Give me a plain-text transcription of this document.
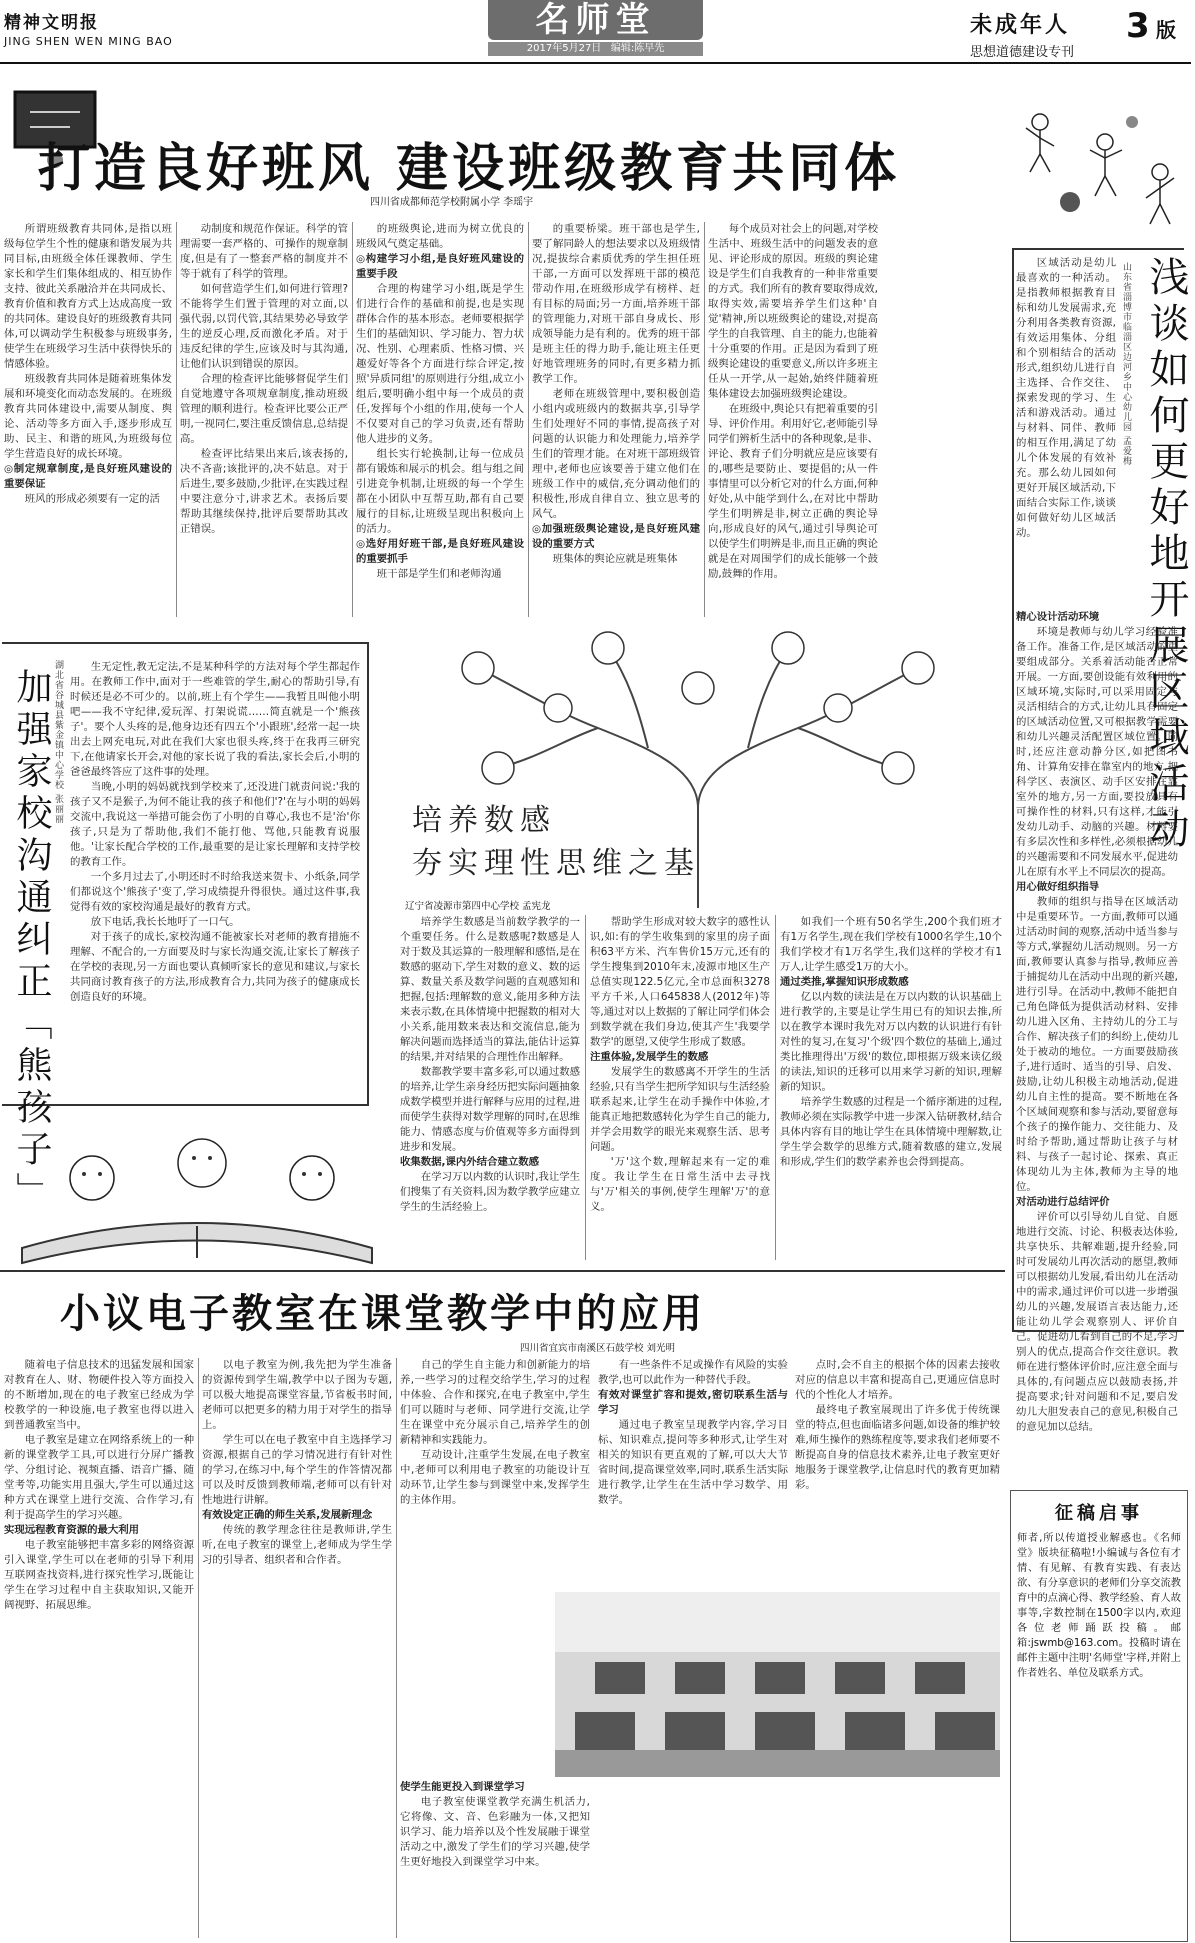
精神文明报
JING SHEN WEN MING BAO
名师堂
2017年5月27日 编辑:陈早先
未成年人
思想道德建设专刊
3 版
打造良好班风 建设班级教育共同体
四川省成都师范学校附属小学 李瑶宇

所谓班级教育共同体,是指以班级每位学生个性的健康和谐发展为共同目标,由班级全体任课教师、学生家长和学生们集体组成的、相互协作支持、彼此关系融洽并在共同成长、教育价值和教育方式上达成高度一致的共同体。建设良好的班级教育共同体,可以调动学生积极参与班级事务,使学生在班级学习生活中获得快乐的情感体验。

班级教育共同体是随着班集体发展和环境变化而动态发展的。在班级教育共同体建设中,需要从制度、舆论、活动等多方面入手,逐步形成互助、民主、和谐的班风,为班级每位学生营造良好的成长环境。

◎制定规章制度,是良好班风建设的重要保证

班风的形成必须要有一定的活

动制度和规范作保证。科学的管理需要一套严格的、可操作的规章制度,但是有了一整套严格的制度并不等于就有了科学的管理。

如何营造学生们,如何进行管理?不能将学生们置于管理的对立面,以强代弱,以罚代管,其结果势必导致学生的逆反心理,反而激化矛盾。对于违反纪律的学生,应该及时与其沟通,让他们认识到错误的原因。

合理的检查评比能够督促学生们自觉地遵守各项规章制度,推动班级管理的顺利进行。检查评比要公正严明,一视同仁,要注重反馈信息,总结提高。

检查评比结果出来后,该表扬的,决不吝啬;该批评的,决不姑息。对于后进生,要多鼓励,少批评,在实践过程中要注意分寸,讲求艺术。表扬后要帮助其继续保持,批评后要帮助其改正错误。

的班级舆论,进而为树立优良的班级风气奠定基础。

◎构建学习小组,是良好班风建设的重要手段

合理的构建学习小组,既是学生们进行合作的基础和前提,也是实现群体合作的基本形态。老师要根据学生们的基础知识、学习能力、智力状况、性别、心理素质、性格习惯、兴趣爱好等各个方面进行综合评定,按照'异质同组'的原则进行分组,成立小组后,要明确小组中每一个成员的责任,发挥每个小组的作用,使每一个人不仅要对自己的学习负责,还有帮助他人进步的义务。

组长实行轮换制,让每一位成员都有锻炼和展示的机会。组与组之间引进竞争机制,让班级的每一个学生都在小团队中互帮互助,都有自己要履行的目标,让班级呈现出积极向上的活力。

◎选好用好班干部,是良好班风建设的重要抓手

班干部是学生们和老师沟通

的重要桥梁。班干部也是学生,要了解同龄人的想法要求以及班级情况,提拔综合素质优秀的学生担任班干部,一方面可以发挥班干部的模范带动作用,在班级形成学有榜样、赶有目标的局面;另一方面,培养班干部的管理能力,对班干部自身成长、形成领导能力是有利的。优秀的班干部是班主任的得力助手,能让班主任更好地管理班务的同时,有更多精力抓教学工作。

老师在班级管理中,要积极创造小组内或班级内的数据共享,引导学生们处理好不同的事情,提高孩子对问题的认识能力和处理能力,培养学生们的管理才能。在对班干部班级管理中,老师也应该要善于建立他们在班级工作中的威信,充分调动他们的积极性,形成自律自立、独立思考的风气。

◎加强班级舆论建设,是良好班风建设的重要方式

班集体的舆论应就是班集体

每个成员对社会上的问题,对学校生活中、班级生活中的问题发表的意见、评论形成的原因。班级的舆论建设是学生们自我教育的一种非常重要的方式。我们所有的教育要取得成效,取得实效,需要培养学生们这种'自觉'精神,所以班级舆论的建设,对提高学生的自我管理、自主的能力,也能着十分重要的作用。正是因为看到了班级舆论建设的重要意义,所以许多班主任从一开学,从一起始,始终伴随着班集体建设去加强班级舆论建设。

在班级中,舆论只有把着重要的引导、评价作用。利用好它,老师能引导同学们辨析生活中的各种现象,是非、评论、教育子们分明就应是应该要有的,哪些是要防止、要提倡的;从一件事情里可以分析它对的什么方面,何种好处,从中能学到什么,在对比中帮助学生们明辨是非,树立正确的舆论导向,形成良好的风气,通过引导舆论可以使学生们明辨是非,而且正确的舆论就是在对周围学们的成长能够一个鼓励,鼓舞的作用。	浅谈如何更好地开展区域活动
山东省淄博市临淄区边河乡中心幼儿园 孟爱梅

区域活动是幼儿最喜欢的一种活动。是指教师根据教育目标和幼儿发展需求,充分利用各类教育资源,有效运用集体、分组和个别相结合的活动形式,组织幼儿进行自主选择、合作交往、探索发现的学习、生活和游戏活动。通过与材料、同伴、教师的相互作用,满足了幼儿个体发展的有效补充。那么幼儿园如何更好开展区域活动,下面结合实际工作,谈谈如何做好幼儿区域活动。

精心设计活动环境

环境是教师与幼儿学习经验准备工作。准备工作,是区域活动的重要组成部分。关系着活动能否正常开展。一方面,要创设能有效利用的区域环境,实际时,可以采用固定与灵活相结合的方式,让幼儿具有固定的区域活动位置,又可根据教学需要和幼儿兴趣灵活配置区域位置。同时,还应注意动静分区,如把图书角、计算角安排在靠室内的地方,把科学区、表演区、动手区安排在靠室外的地方,另一方面,要投放具有可操作性的材料,只有这样,才能引发幼儿动手、动脑的兴趣。材料要有多层次性和多样性,必须根据幼儿的兴趣需要和不同发展水平,促进幼儿在原有水平上不同层次的提高。

用心做好组织指导

教师的组织与指导在区域活动中是重要环节。一方面,教师可以通过活动时间的观察,活动中适当参与等方式,掌握幼儿活动规则。另一方面,教师要认真参与指导,教师应善于捕捉幼儿在活动中出现的新兴趣,进行引导。在活动中,教师不能把自己角色降低为提供活动材料、安排幼儿进入区角、主持幼儿的分工与合作、解决孩子们的纠纷上,使幼儿处于被动的地位。一方面要鼓励孩子,进行适时、适当的引导、启发、鼓励,让幼儿积极主动地活动,促进幼儿自主性的提高。要不断地在各个区域间观察和参与活动,要留意每个孩子的操作能力、交往能力、及时给予帮助,通过帮助让孩子与材料、与孩子一起讨论、探索、真正体现幼儿为主体,教师为主导的地位。

对活动进行总结评价

评价可以引导幼儿自觉、自愿地进行交流、讨论、积极表达体验,共享快乐、共解难题,提升经验,同时可发展幼儿再次活动的愿望,教师可以根据幼儿发展,看出幼儿在活动中的需求,通过评价可以进一步增强幼儿的兴趣,发展语言表达能力,还能让幼儿学会观察别人、评价自己。促进幼儿看到自己的不足,学习别人的优点,提高合作交往意识。教师在进行整体评价时,应注意全面与具体的,有问题点应以鼓励表扬,并提高要求;针对问题和不足,要启发幼儿大胆发表自己的意见,积极自己的意见加以总结。

加强家校沟通纠正「熊孩子」 湖北省谷城县紫金镇中心学校 张丽丽	生无定性,教无定法,不是某种科学的方法对每个学生都起作用。在教师工作中,面对于一些难管的学生,耐心的帮助引导,有时候还是必不可少的。以前,班上有个学生——我暂且叫他小明吧——我不守纪律,爱玩浑、打架说谎……简直就是一个'熊孩子'。要个人头疼的是,他身边还有四五个'小跟班',经常一起一块出去上网充电玩,对此在我们大家也很头疼,终于在我再三研究下,在他请家长开会,对他的家长说了我的看法,家长会后,小明的爸爸最终答应了这件事的处理。

当晚,小明的妈妈就找到学校来了,还没进门就责问说:'我的孩子又不是猴子,为何不能让我的孩子和他们'?'在与小明的妈妈交流中,我说这一举措可能会伤了小明的自尊心,我也不是'治'你孩子,只是为了帮助他,我们不能打他、骂他,只能教育说服他。'让家长配合学校的工作,最重要的是让家长理解和支持学校的教育工作。

一个多月过去了,小明还时不时给我送来贺卡、小纸条,同学们都说这个'熊孩子'变了,学习成绩提升得很快。通过这件事,我觉得有效的家校沟通是最好的教育方式。

放下电话,我长长地吁了一口气。

对于孩子的成长,家校沟通不能被家长对老师的教育措施不理解、不配合的,一方面要及时与家长沟通交流,让家长了解孩子在学校的表现,另一方面也要认真倾听家长的意见和建议,与家长共同商讨教育孩子的方法,形成教育合力,共同为孩子的健康成长创造良好的环境。

培养数感
夯实理性思维之基
辽宁省凌源市第四中心学校 孟宪龙

培养学生数感是当前数学教学的一个重要任务。什么是数感呢?数感是人对于数及其运算的一般理解和感悟,是在数感的驱动下,学生对数的意义、数的运算、数量关系及数学问题的直观感知和把握,包括:理解数的意义,能用多种方法来表示数,在具体情境中把握数的相对大小关系,能用数来表达和交流信息,能为解决问题而选择适当的算法,能估计运算的结果,并对结果的合理性作出解释。

数都教学要丰富多彩,可以通过数感的培养,让学生亲身经历把实际问题抽象成数学模型并进行解释与应用的过程,进而使学生获得对数学理解的同时,在思维能力、情感态度与价值观等多方面得到进步和发展。

收集数据,课内外结合建立数感

在学习万以内数的认识时,我让学生们搜集了有关资料,因为数学教学应建立学生的生活经验上。

帮助学生形成对较大数字的感性认识,如:有的学生收集到的家里的房子面积63平方米、汽车售价15万元,还有的学生搜集到2010年末,凌源市地区生产总值实现122.5亿元,全市总面积3278平方千米,人口645838人(2012年)等等,通过对以上数据的了解让同学们体会到数学就在我们身边,使其产生'我要学数学'的愿望,又使学生形成了数感。

注重体验,发展学生的数感

发展学生的数感离不开学生的生活经验,只有当学生把所学知识与生活经验联系起来,让学生在动手操作中体验,才能真正地把数感转化为学生自己的能力,并学会用数学的眼光来观察生活、思考问题。

'万'这个数,理解起来有一定的难度。我让学生在日常生活中去寻找与'万'相关的事例,使学生理解'万'的意义。

如我们一个班有50名学生,200个我们班才有1万名学生,现在我们学校有1000名学生,10个我们学校才有1万名学生,我们这样的学校才有1万人,让学生感受1万的大小。

通过类推,掌握知识形成数感

亿以内数的读法是在万以内数的认识基础上进行教学的,主要是让学生用已有的知识去推,所以在教学本课时我先对万以内数的认识进行有针对性的复习,在复习'个级'四个数位的基础上,通过类比推理得出'万级'的数位,即根据万级来读亿级的读法,知识的迁移可以用来学习新的知识,理解新的知识。

培养学生数感的过程是一个循序渐进的过程,教师必须在实际教学中进一步深入钻研教材,结合具体内容有目的地让学生在具体情境中理解数,让学生学会数学的思维方式,随着数感的建立,发展和形成,学生们的数学素养也会得到提高。

小议电子教室在课堂教学中的应用
四川省宜宾市南溪区石鼓学校 刘光明

随着电子信息技术的迅猛发展和国家对教育在人、财、物硬件投入等方面投入的不断增加,现在的电子教室已经成为学校教学的一种设施,电子教室也得以进入到普通教室当中。

电子教室是建立在网络系统上的一种新的课堂教学工具,可以进行分屏广播教学、分组讨论、视频直播、语音广播、随堂考等,功能实用且强大,学生可以通过这种方式在课堂上进行交流、合作学习,有利于提高学生的学习兴趣。

实现远程教育资源的最大利用

电子教室能够把丰富多彩的网络资源引入课堂,学生可以在老师的引导下利用互联网查找资料,进行探究性学习,既能让学生在学习过程中自主获取知识,又能开阔视野、拓展思维。

以电子教室为例,我先把为学生准备的资源传到学生端,教学中以子图为专题,可以极大地提高课堂容量,节省板书时间,老师可以把更多的精力用于对学生的指导上。

学生可以在电子教室中自主选择学习资源,根据自己的学习情况进行有针对性的学习,在练习中,每个学生的作答情况都可以及时反馈到教师端,老师可以有针对性地进行讲解。

有效设定正确的师生关系,发展新理念

传统的教学理念往往是教师讲,学生听,在电子教室的课堂上,老师成为学生学习的引导者、组织者和合作者。

自己的学生自主能力和创新能力的培养,一些学习的过程交给学生,学习的过程中体验、合作和探究,在电子教室中,学生们可以随时与老师、同学进行交流,让学生在课堂中充分展示自己,培养学生的创新精神和实践能力。

互动设计,注重学生发展,在电子教室中,老师可以利用电子教室的功能设计互动环节,让学生参与到课堂中来,发挥学生的主体作用。

使学生能更投入到课堂学习

电子教室使课堂教学充满生机活力,它将像、文、音、色彩融为一体,又把知识学习、能力培养以及个性发展融于课堂活动之中,激发了学生们的学习兴趣,使学生更好地投入到课堂学习中来。

有一些条件不足或操作有风险的实验教学,也可以此作为一种替代手段。

有效对课堂扩容和提效,密切联系生活与学习

通过电子教室呈现教学内容,学习目标、知识难点,提问等多种形式,让学生对相关的知识有更直观的了解,可以大大节省时间,提高课堂效率,同时,联系生活实际进行教学,让学生在生活中学习数学、用数学。

点时,会不自主的根据个体的因素去接收对应的信息以丰富和提高自己,更通应信息时代的个性化人才培养。

最终电子教室展现出了许多优于传统课堂的特点,但也面临诸多问题,如设备的维护较难,师生操作的熟练程度等,要求我们老师要不断提高自身的信息技术素养,让电子教室更好地服务于课堂教学,让信息时代的教育更加精彩。

征稿启事
师者,所以传道授业解惑也。《名师堂》版块征稿啦!小编诚与各位有才情、有见解、有教育实践、有表达欲、有分享意识的老师们分享交流教育中的点滴心得、教学经验、育人故事等,字数控制在1500字以内,欢迎各位老师踊跃投稿。邮箱:jswmb@163.com。投稿时请在邮件主题中注明'名师堂'字样,并附上作者姓名、单位及联系方式。
